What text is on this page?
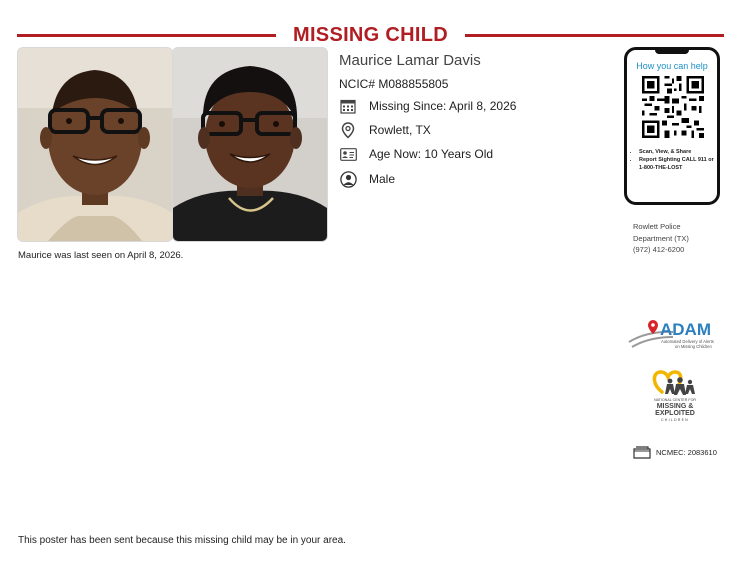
MISSING CHILD
Maurice Lamar Davis
NCIC# M088855805
Missing Since: April 8, 2026
Rowlett, TX
Age Now: 10 Years Old
Male
Maurice was last seen on April 8, 2026.
How you can help
• Scan, View, & Share
• Report Sighting CALL 911 or 1-800-THE-LOST
Rowlett Police
Department (TX)
(972) 412-6200
ADAM
Automated Delivery of Alerts
on Missing Children
NATIONAL CENTER FOR
MISSING &
EXPLOITED
CHILDREN
NCMEC: 2083610
This poster has been sent because this missing child may be in your area.
